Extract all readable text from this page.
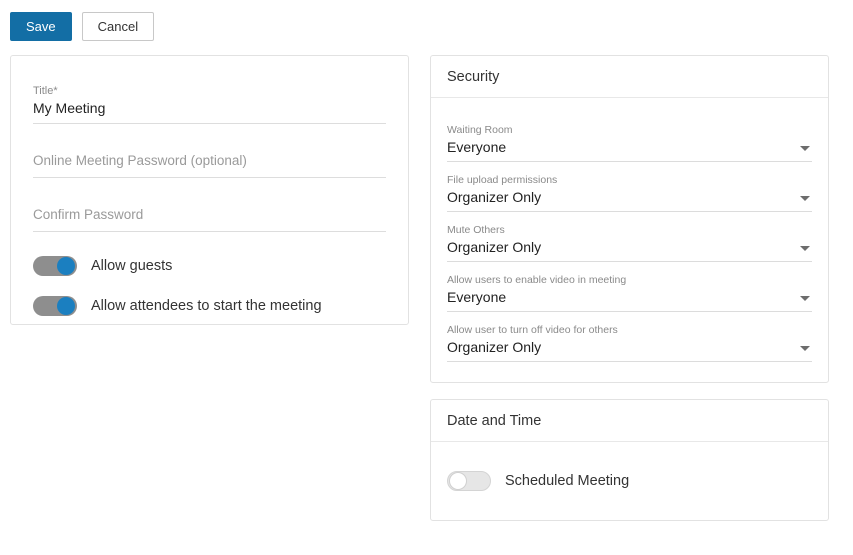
Save	Cancel
Title*
My Meeting
Online Meeting Password (optional)
Confirm Password
Allow guests
Allow attendees to start the meeting
Security
Waiting Room
Everyone
File upload permissions
Organizer Only
Mute Others
Organizer Only
Allow users to enable video in meeting
Everyone
Allow user to turn off video for others
Organizer Only
Date and Time
Scheduled Meeting
